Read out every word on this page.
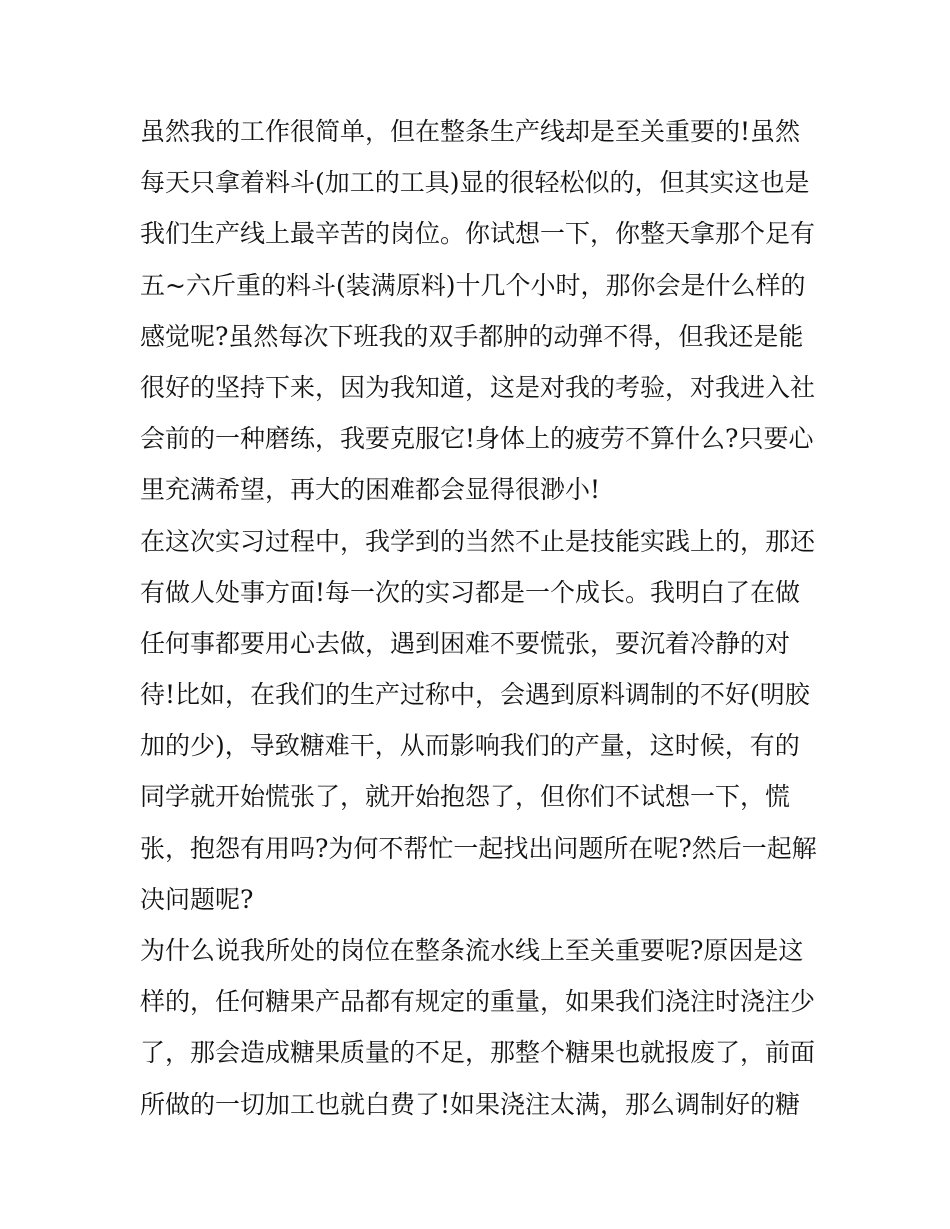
虽然我的工作很简单，但在整条生产线却是至关重要的!虽然
每天只拿着料斗(加工的工具)显的很轻松似的，但其实这也是
我们生产线上最辛苦的岗位。你试想一下，你整天拿那个足有
五~六斤重的料斗(装满原料)十几个小时，那你会是什么样的
感觉呢?虽然每次下班我的双手都肿的动弹不得，但我还是能
很好的坚持下来，因为我知道，这是对我的考验，对我进入社
会前的一种磨练，我要克服它!身体上的疲劳不算什么?只要心
里充满希望，再大的困难都会显得很渺小!
在这次实习过程中，我学到的当然不止是技能实践上的，那还
有做人处事方面!每一次的实习都是一个成长。我明白了在做
任何事都要用心去做，遇到困难不要慌张，要沉着冷静的对
待!比如，在我们的生产过称中，会遇到原料调制的不好(明胶
加的少)，导致糖难干，从而影响我们的产量，这时候，有的
同学就开始慌张了，就开始抱怨了，但你们不试想一下，慌
张，抱怨有用吗?为何不帮忙一起找出问题所在呢?然后一起解
决问题呢?
为什么说我所处的岗位在整条流水线上至关重要呢?原因是这
样的，任何糖果产品都有规定的重量，如果我们浇注时浇注少
了，那会造成糖果质量的不足，那整个糖果也就报废了，前面
所做的一切加工也就白费了!如果浇注太满，那么调制好的糖
